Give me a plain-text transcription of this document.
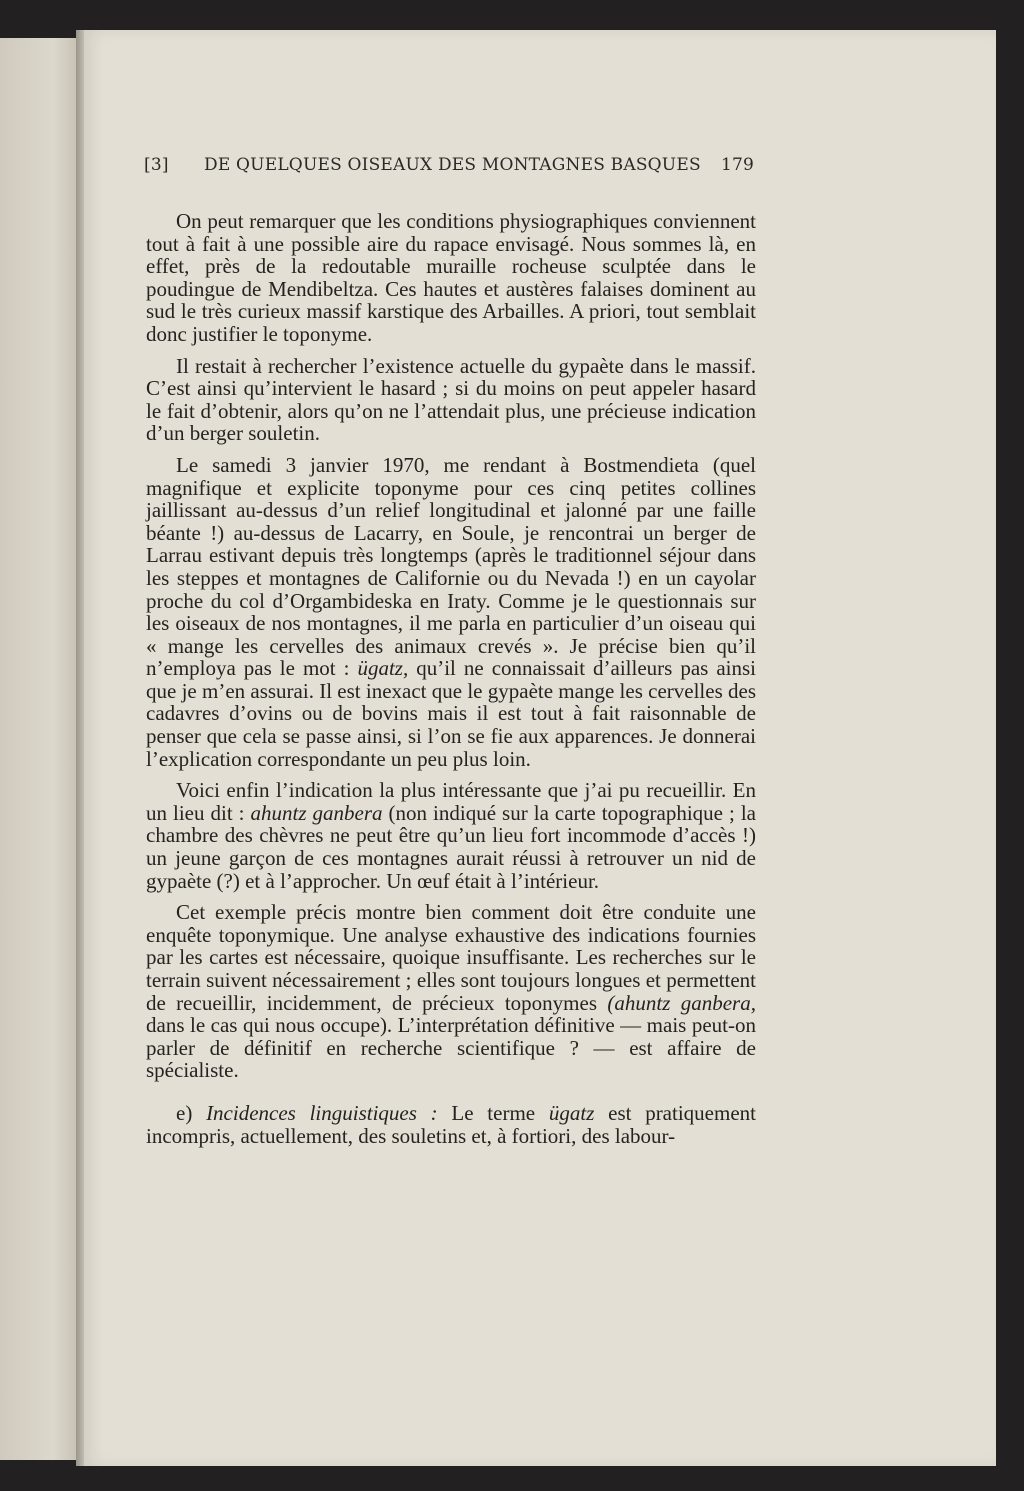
[3] DE QUELQUES OISEAUX DES MONTAGNES BASQUES 179

On peut remarquer que les conditions physiographiques conviennent tout à fait à une possible aire du rapace envisagé. Nous sommes là, en effet, près de la redoutable muraille rocheuse sculptée dans le poudingue de Mendibeltza. Ces hautes et austères falaises dominent au sud le très curieux massif karstique des Arbailles. A priori, tout semblait donc justifier le toponyme.

Il restait à rechercher l’existence actuelle du gypaète dans le massif. C’est ainsi qu’intervient le hasard ; si du moins on peut appeler hasard le fait d’obtenir, alors qu’on ne l’attendait plus, une précieuse indication d’un berger souletin.

Le samedi 3 janvier 1970, me rendant à Bostmendieta (quel magnifique et explicite toponyme pour ces cinq petites collines jaillissant au-dessus d’un relief longitudinal et jalonné par une faille béante !) au-dessus de Lacarry, en Soule, je rencontrai un berger de Larrau estivant depuis très longtemps (après le traditionnel séjour dans les steppes et montagnes de Californie ou du Nevada !) en un cayolar proche du col d’Orgambideska en Iraty. Comme je le questionnais sur les oiseaux de nos montagnes, il me parla en particulier d’un oiseau qui « mange les cervelles des animaux crevés ». Je précise bien qu’il n’employa pas le mot : ügatz, qu’il ne connaissait d’ailleurs pas ainsi que je m’en assurai. Il est inexact que le gypaète mange les cervelles des cadavres d’ovins ou de bovins mais il est tout à fait raisonnable de penser que cela se passe ainsi, si l’on se fie aux apparences. Je donnerai l’explication correspondante un peu plus loin.

Voici enfin l’indication la plus intéressante que j’ai pu recueillir. En un lieu dit : ahuntz ganbera (non indiqué sur la carte topographique ; la chambre des chèvres ne peut être qu’un lieu fort incommode d’accès !) un jeune garçon de ces montagnes aurait réussi à retrouver un nid de gypaète (?) et à l’approcher. Un œuf était à l’intérieur.

Cet exemple précis montre bien comment doit être conduite une enquête toponymique. Une analyse exhaustive des indications fournies par les cartes est nécessaire, quoique insuffisante. Les recherches sur le terrain suivent nécessairement ; elles sont toujours longues et permettent de recueillir, incidemment, de précieux toponymes (ahuntz ganbera, dans le cas qui nous occupe). L’interprétation définitive — mais peut-on parler de définitif en recherche scientifique ? — est affaire de spécialiste.

e) Incidences linguistiques : Le terme ügatz est pratiquement incompris, actuellement, des souletins et, à fortiori, des labour-
